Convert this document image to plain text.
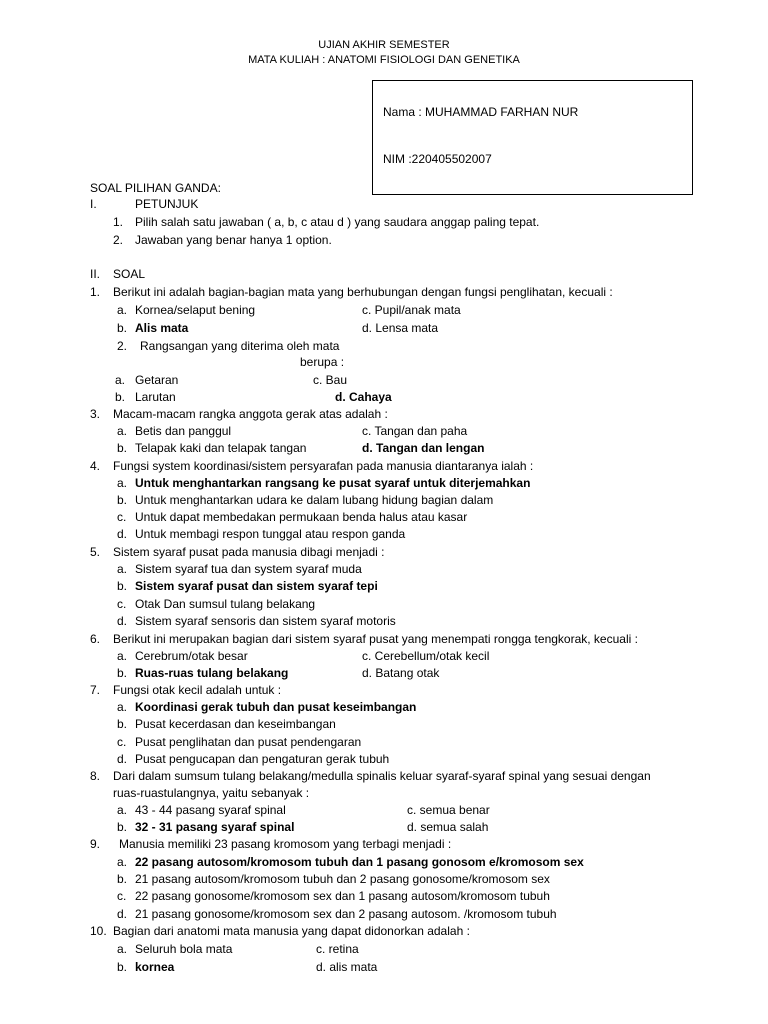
UJIAN AKHIR SEMESTER
MATA KULIAH : ANATOMI FISIOLOGI DAN GENETIKA
Nama : MUHAMMAD FARHAN NUR
NIM :220405502007
SOAL PILIHAN GANDA:
I.	PETUNJUK
1. Pilih salah satu jawaban ( a, b, c atau d ) yang saudara anggap paling tepat.
2. Jawaban yang benar hanya 1 option.
II. SOAL
1. Berikut ini adalah bagian-bagian mata yang berhubungan dengan fungsi penglihatan, kecuali :
a. Kornea/selaput bening	c. Pupil/anak mata
b. Alis mata	d. Lensa mata
2. Rangsangan yang diterima oleh mata
berupa :
a. Getaran	c. Bau
b. Larutan	d. Cahaya
3. Macam-macam rangka anggota gerak atas adalah :
a. Betis dan panggul	c. Tangan dan paha
b. Telapak kaki dan telapak tangan	d. Tangan dan lengan
4. Fungsi system koordinasi/sistem persyarafan pada manusia diantaranya ialah :
a. Untuk menghantarkan rangsang ke pusat syaraf untuk diterjemahkan
b. Untuk menghantarkan udara ke dalam lubang hidung bagian dalam
c. Untuk dapat membedakan permukaan benda halus atau kasar
d. Untuk membagi respon tunggal atau respon ganda
5. Sistem syaraf pusat pada manusia dibagi menjadi :
a. Sistem syaraf tua dan system syaraf muda
b. Sistem syaraf pusat dan sistem syaraf tepi
c. Otak Dan sumsul tulang belakang
d. Sistem syaraf sensoris dan sistem syaraf motoris
6. Berikut ini merupakan bagian dari sistem syaraf pusat yang menempati rongga tengkorak, kecuali :
a. Cerebrum/otak besar	c. Cerebellum/otak kecil
b. Ruas-ruas tulang belakang	d. Batang otak
7. Fungsi otak kecil adalah untuk :
a. Koordinasi gerak tubuh dan pusat keseimbangan
b. Pusat kecerdasan dan keseimbangan
c. Pusat penglihatan dan pusat pendengaran
d. Pusat pengucapan dan pengaturan gerak tubuh
8. Dari dalam sumsum tulang belakang/medulla spinalis keluar syaraf-syaraf spinal yang sesuai dengan
ruas-ruastulangnya, yaitu sebanyak :
a. 43 - 44 pasang syaraf spinal	c. semua benar
b. 32 - 31 pasang syaraf spinal	d. semua salah
9. Manusia memiliki 23 pasang kromosom yang terbagi menjadi :
a. 22 pasang autosom/kromosom tubuh dan 1 pasang gonosom e/kromosom sex
b. 21 pasang autosom/kromosom tubuh dan 2 pasang gonosome/kromosom sex
c. 22 pasang gonosome/kromosom sex dan 1 pasang autosom/kromosom tubuh
d. 21 pasang gonosome/kromosom sex dan 2 pasang autosom. /kromosom tubuh
10. Bagian dari anatomi mata manusia yang dapat didonorkan adalah :
a. Seluruh bola mata	c. retina
b. kornea	d. alis mata
